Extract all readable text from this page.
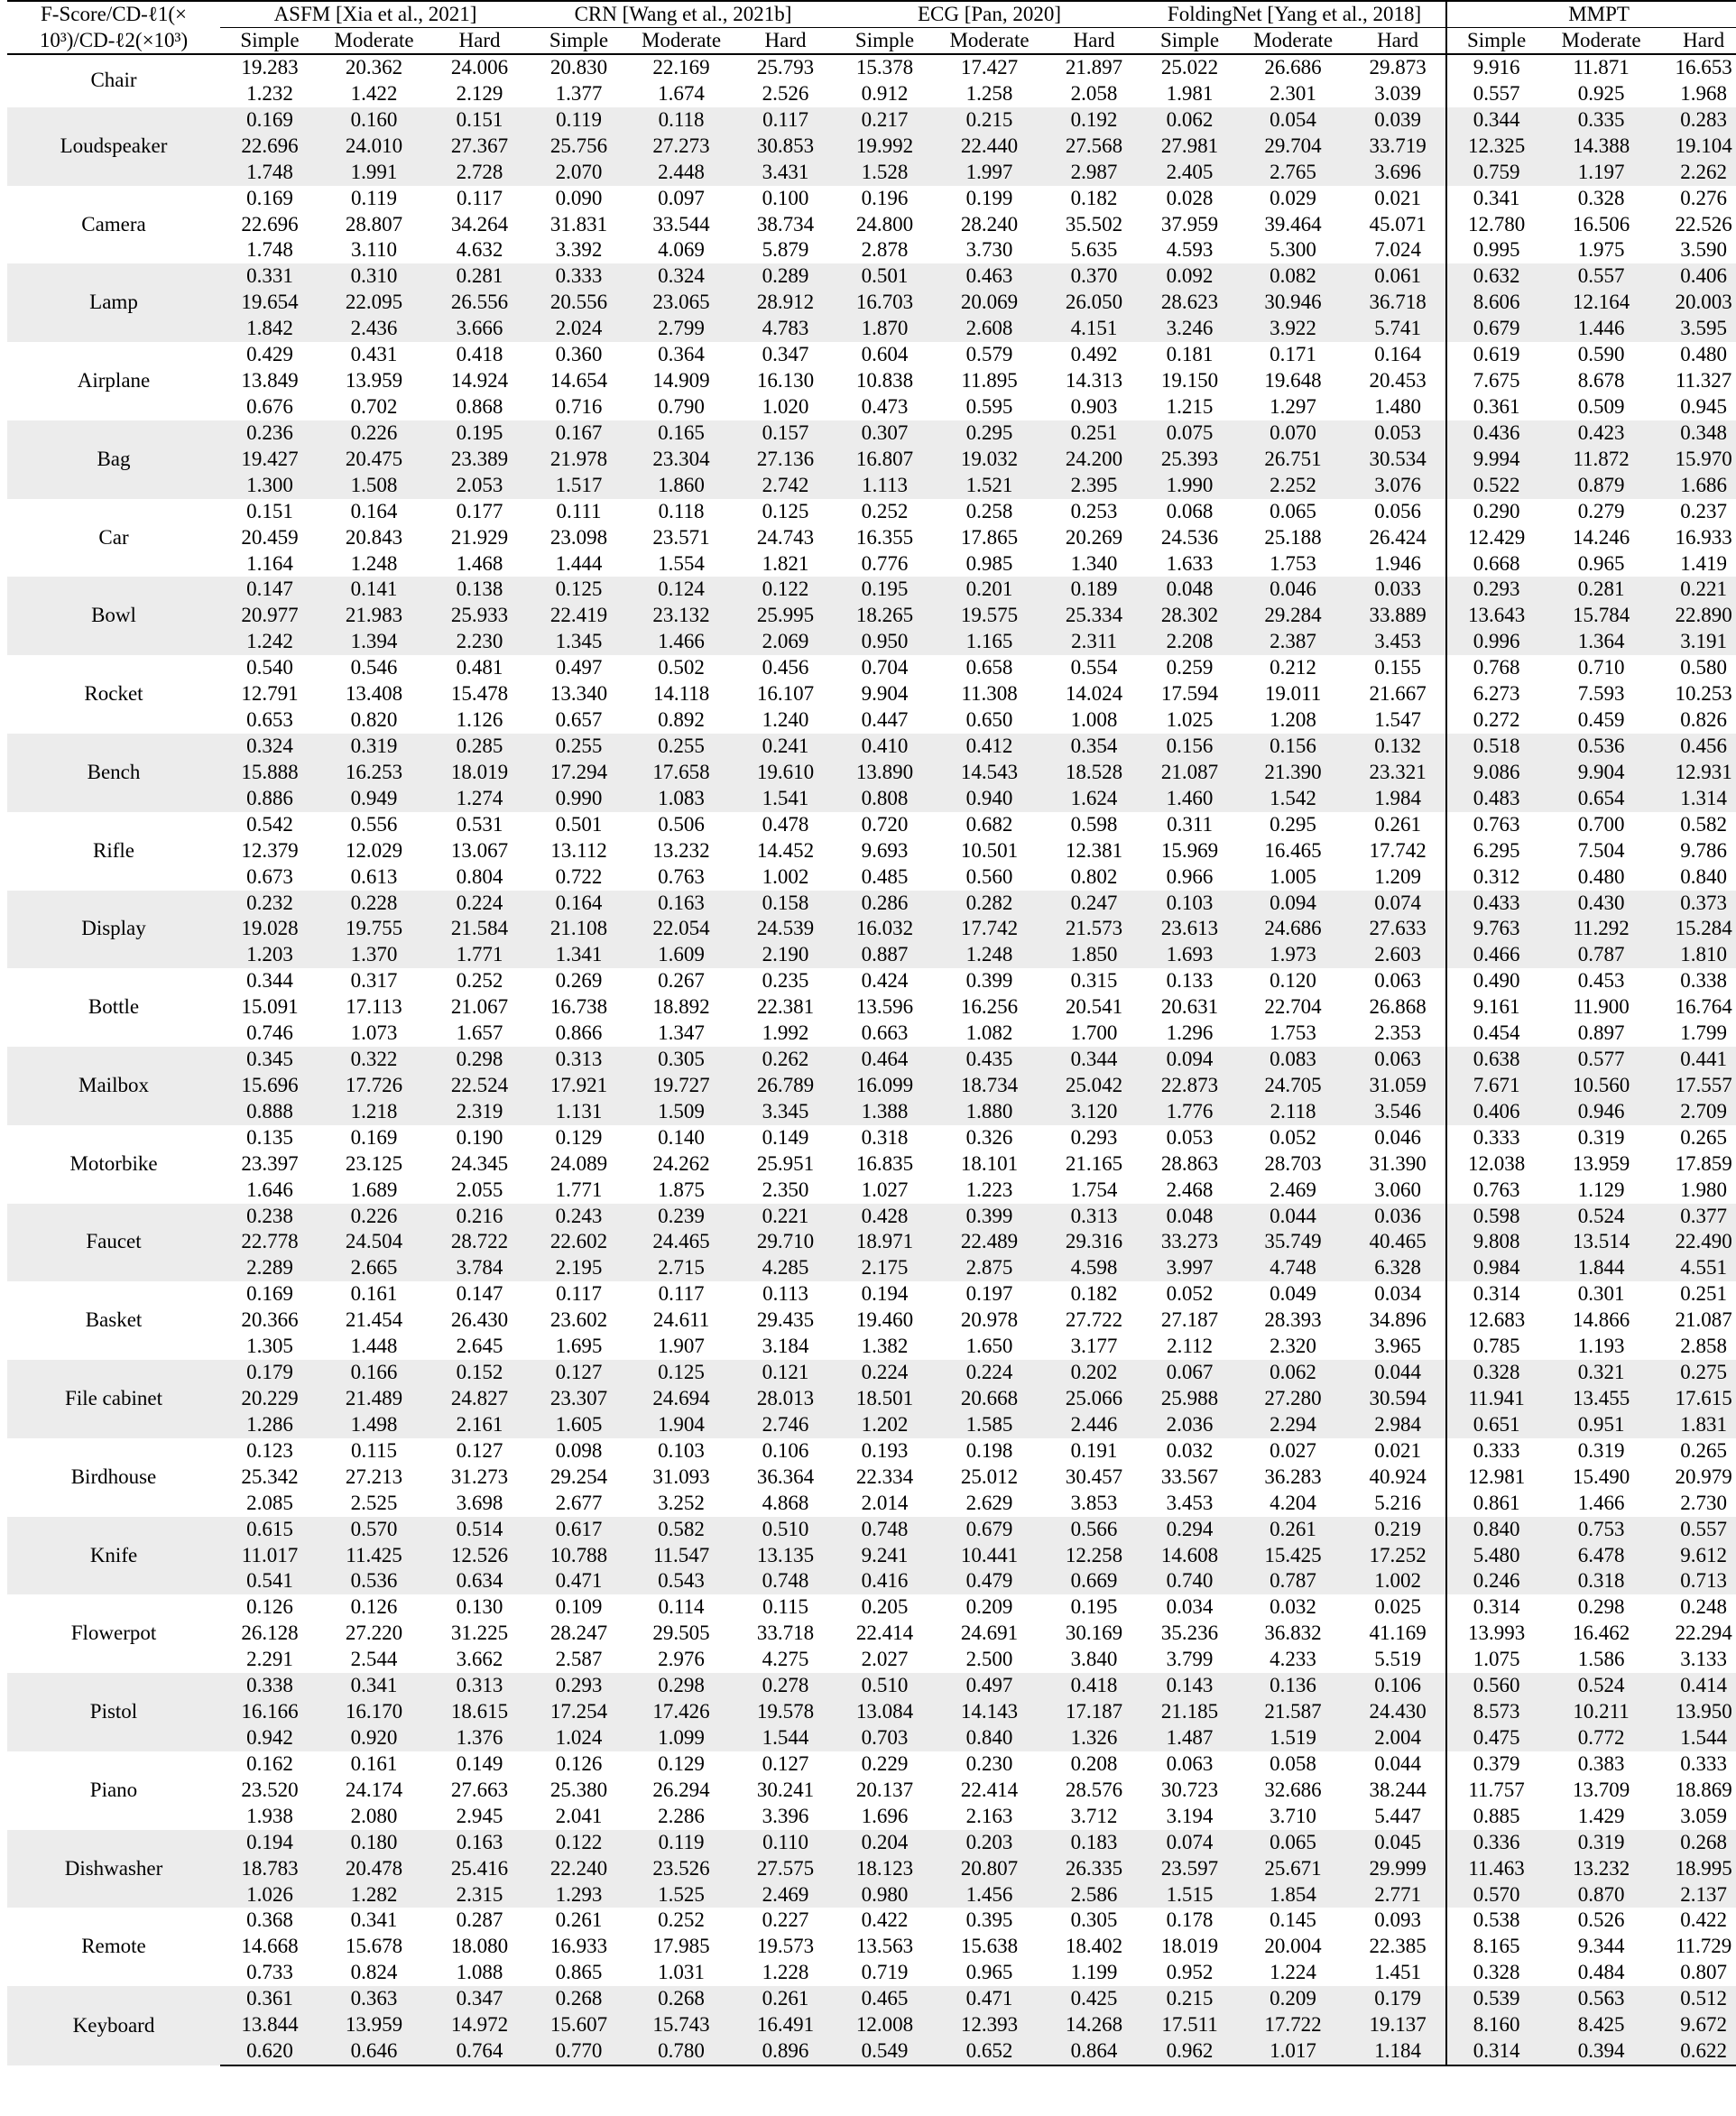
F-Score/CD-ℓ1(×	ASFM [Xia et al., 2021]			CRN [Wang et al., 2021b]			ECG [Pan, 2020]			FoldingNet [Yang et al., 2018]			MMPT		
10³)/CD-ℓ2(×10³)	Simple	Moderate	Hard	Simple	Moderate	Hard	Simple	Moderate	Hard	Simple	Moderate	Hard	Simple	Moderate	Hard
Chair	19.283	20.362	24.006	20.830	22.169	25.793	15.378	17.427	21.897	25.022	26.686	29.873	9.916	11.871	16.653
	1.232	1.422	2.129	1.377	1.674	2.526	0.912	1.258	2.058	1.981	2.301	3.039	0.557	0.925	1.968
Loudspeaker	0.169	0.160	0.151	0.119	0.118	0.117	0.217	0.215	0.192	0.062	0.054	0.039	0.344	0.335	0.283
	22.696	24.010	27.367	25.756	27.273	30.853	19.992	22.440	27.568	27.981	29.704	33.719	12.325	14.388	19.104
	1.748	1.991	2.728	2.070	2.448	3.431	1.528	1.997	2.987	2.405	2.765	3.696	0.759	1.197	2.262
Camera	0.169	0.119	0.117	0.090	0.097	0.100	0.196	0.199	0.182	0.028	0.029	0.021	0.341	0.328	0.276
	22.696	28.807	34.264	31.831	33.544	38.734	24.800	28.240	35.502	37.959	39.464	45.071	12.780	16.506	22.526
	1.748	3.110	4.632	3.392	4.069	5.879	2.878	3.730	5.635	4.593	5.300	7.024	0.995	1.975	3.590
Lamp	0.331	0.310	0.281	0.333	0.324	0.289	0.501	0.463	0.370	0.092	0.082	0.061	0.632	0.557	0.406
	19.654	22.095	26.556	20.556	23.065	28.912	16.703	20.069	26.050	28.623	30.946	36.718	8.606	12.164	20.003
	1.842	2.436	3.666	2.024	2.799	4.783	1.870	2.608	4.151	3.246	3.922	5.741	0.679	1.446	3.595
Airplane	0.429	0.431	0.418	0.360	0.364	0.347	0.604	0.579	0.492	0.181	0.171	0.164	0.619	0.590	0.480
	13.849	13.959	14.924	14.654	14.909	16.130	10.838	11.895	14.313	19.150	19.648	20.453	7.675	8.678	11.327
	0.676	0.702	0.868	0.716	0.790	1.020	0.473	0.595	0.903	1.215	1.297	1.480	0.361	0.509	0.945
Bag	0.236	0.226	0.195	0.167	0.165	0.157	0.307	0.295	0.251	0.075	0.070	0.053	0.436	0.423	0.348
	19.427	20.475	23.389	21.978	23.304	27.136	16.807	19.032	24.200	25.393	26.751	30.534	9.994	11.872	15.970
	1.300	1.508	2.053	1.517	1.860	2.742	1.113	1.521	2.395	1.990	2.252	3.076	0.522	0.879	1.686
Car	0.151	0.164	0.177	0.111	0.118	0.125	0.252	0.258	0.253	0.068	0.065	0.056	0.290	0.279	0.237
	20.459	20.843	21.929	23.098	23.571	24.743	16.355	17.865	20.269	24.536	25.188	26.424	12.429	14.246	16.933
	1.164	1.248	1.468	1.444	1.554	1.821	0.776	0.985	1.340	1.633	1.753	1.946	0.668	0.965	1.419
Bowl	0.147	0.141	0.138	0.125	0.124	0.122	0.195	0.201	0.189	0.048	0.046	0.033	0.293	0.281	0.221
	20.977	21.983	25.933	22.419	23.132	25.995	18.265	19.575	25.334	28.302	29.284	33.889	13.643	15.784	22.890
	1.242	1.394	2.230	1.345	1.466	2.069	0.950	1.165	2.311	2.208	2.387	3.453	0.996	1.364	3.191
Rocket	0.540	0.546	0.481	0.497	0.502	0.456	0.704	0.658	0.554	0.259	0.212	0.155	0.768	0.710	0.580
	12.791	13.408	15.478	13.340	14.118	16.107	9.904	11.308	14.024	17.594	19.011	21.667	6.273	7.593	10.253
	0.653	0.820	1.126	0.657	0.892	1.240	0.447	0.650	1.008	1.025	1.208	1.547	0.272	0.459	0.826
Bench	0.324	0.319	0.285	0.255	0.255	0.241	0.410	0.412	0.354	0.156	0.156	0.132	0.518	0.536	0.456
	15.888	16.253	18.019	17.294	17.658	19.610	13.890	14.543	18.528	21.087	21.390	23.321	9.086	9.904	12.931
	0.886	0.949	1.274	0.990	1.083	1.541	0.808	0.940	1.624	1.460	1.542	1.984	0.483	0.654	1.314
Rifle	0.542	0.556	0.531	0.501	0.506	0.478	0.720	0.682	0.598	0.311	0.295	0.261	0.763	0.700	0.582
	12.379	12.029	13.067	13.112	13.232	14.452	9.693	10.501	12.381	15.969	16.465	17.742	6.295	7.504	9.786
	0.673	0.613	0.804	0.722	0.763	1.002	0.485	0.560	0.802	0.966	1.005	1.209	0.312	0.480	0.840
Display	0.232	0.228	0.224	0.164	0.163	0.158	0.286	0.282	0.247	0.103	0.094	0.074	0.433	0.430	0.373
	19.028	19.755	21.584	21.108	22.054	24.539	16.032	17.742	21.573	23.613	24.686	27.633	9.763	11.292	15.284
	1.203	1.370	1.771	1.341	1.609	2.190	0.887	1.248	1.850	1.693	1.973	2.603	0.466	0.787	1.810
Bottle	0.344	0.317	0.252	0.269	0.267	0.235	0.424	0.399	0.315	0.133	0.120	0.063	0.490	0.453	0.338
	15.091	17.113	21.067	16.738	18.892	22.381	13.596	16.256	20.541	20.631	22.704	26.868	9.161	11.900	16.764
	0.746	1.073	1.657	0.866	1.347	1.992	0.663	1.082	1.700	1.296	1.753	2.353	0.454	0.897	1.799
Mailbox	0.345	0.322	0.298	0.313	0.305	0.262	0.464	0.435	0.344	0.094	0.083	0.063	0.638	0.577	0.441
	15.696	17.726	22.524	17.921	19.727	26.789	16.099	18.734	25.042	22.873	24.705	31.059	7.671	10.560	17.557
	0.888	1.218	2.319	1.131	1.509	3.345	1.388	1.880	3.120	1.776	2.118	3.546	0.406	0.946	2.709
Motorbike	0.135	0.169	0.190	0.129	0.140	0.149	0.318	0.326	0.293	0.053	0.052	0.046	0.333	0.319	0.265
	23.397	23.125	24.345	24.089	24.262	25.951	16.835	18.101	21.165	28.863	28.703	31.390	12.038	13.959	17.859
	1.646	1.689	2.055	1.771	1.875	2.350	1.027	1.223	1.754	2.468	2.469	3.060	0.763	1.129	1.980
Faucet	0.238	0.226	0.216	0.243	0.239	0.221	0.428	0.399	0.313	0.048	0.044	0.036	0.598	0.524	0.377
	22.778	24.504	28.722	22.602	24.465	29.710	18.971	22.489	29.316	33.273	35.749	40.465	9.808	13.514	22.490
	2.289	2.665	3.784	2.195	2.715	4.285	2.175	2.875	4.598	3.997	4.748	6.328	0.984	1.844	4.551
Basket	0.169	0.161	0.147	0.117	0.117	0.113	0.194	0.197	0.182	0.052	0.049	0.034	0.314	0.301	0.251
	20.366	21.454	26.430	23.602	24.611	29.435	19.460	20.978	27.722	27.187	28.393	34.896	12.683	14.866	21.087
	1.305	1.448	2.645	1.695	1.907	3.184	1.382	1.650	3.177	2.112	2.320	3.965	0.785	1.193	2.858
File cabinet	0.179	0.166	0.152	0.127	0.125	0.121	0.224	0.224	0.202	0.067	0.062	0.044	0.328	0.321	0.275
	20.229	21.489	24.827	23.307	24.694	28.013	18.501	20.668	25.066	25.988	27.280	30.594	11.941	13.455	17.615
	1.286	1.498	2.161	1.605	1.904	2.746	1.202	1.585	2.446	2.036	2.294	2.984	0.651	0.951	1.831
Birdhouse	0.123	0.115	0.127	0.098	0.103	0.106	0.193	0.198	0.191	0.032	0.027	0.021	0.333	0.319	0.265
	25.342	27.213	31.273	29.254	31.093	36.364	22.334	25.012	30.457	33.567	36.283	40.924	12.981	15.490	20.979
	2.085	2.525	3.698	2.677	3.252	4.868	2.014	2.629	3.853	3.453	4.204	5.216	0.861	1.466	2.730
Knife	0.615	0.570	0.514	0.617	0.582	0.510	0.748	0.679	0.566	0.294	0.261	0.219	0.840	0.753	0.557
	11.017	11.425	12.526	10.788	11.547	13.135	9.241	10.441	12.258	14.608	15.425	17.252	5.480	6.478	9.612
	0.541	0.536	0.634	0.471	0.543	0.748	0.416	0.479	0.669	0.740	0.787	1.002	0.246	0.318	0.713
Flowerpot	0.126	0.126	0.130	0.109	0.114	0.115	0.205	0.209	0.195	0.034	0.032	0.025	0.314	0.298	0.248
	26.128	27.220	31.225	28.247	29.505	33.718	22.414	24.691	30.169	35.236	36.832	41.169	13.993	16.462	22.294
	2.291	2.544	3.662	2.587	2.976	4.275	2.027	2.500	3.840	3.799	4.233	5.519	1.075	1.586	3.133
Pistol	0.338	0.341	0.313	0.293	0.298	0.278	0.510	0.497	0.418	0.143	0.136	0.106	0.560	0.524	0.414
	16.166	16.170	18.615	17.254	17.426	19.578	13.084	14.143	17.187	21.185	21.587	24.430	8.573	10.211	13.950
	0.942	0.920	1.376	1.024	1.099	1.544	0.703	0.840	1.326	1.487	1.519	2.004	0.475	0.772	1.544
Piano	0.162	0.161	0.149	0.126	0.129	0.127	0.229	0.230	0.208	0.063	0.058	0.044	0.379	0.383	0.333
	23.520	24.174	27.663	25.380	26.294	30.241	20.137	22.414	28.576	30.723	32.686	38.244	11.757	13.709	18.869
	1.938	2.080	2.945	2.041	2.286	3.396	1.696	2.163	3.712	3.194	3.710	5.447	0.885	1.429	3.059
Dishwasher	0.194	0.180	0.163	0.122	0.119	0.110	0.204	0.203	0.183	0.074	0.065	0.045	0.336	0.319	0.268
	18.783	20.478	25.416	22.240	23.526	27.575	18.123	20.807	26.335	23.597	25.671	29.999	11.463	13.232	18.995
	1.026	1.282	2.315	1.293	1.525	2.469	0.980	1.456	2.586	1.515	1.854	2.771	0.570	0.870	2.137
Remote	0.368	0.341	0.287	0.261	0.252	0.227	0.422	0.395	0.305	0.178	0.145	0.093	0.538	0.526	0.422
	14.668	15.678	18.080	16.933	17.985	19.573	13.563	15.638	18.402	18.019	20.004	22.385	8.165	9.344	11.729
	0.733	0.824	1.088	0.865	1.031	1.228	0.719	0.965	1.199	0.952	1.224	1.451	0.328	0.484	0.807
Keyboard	0.361	0.363	0.347	0.268	0.268	0.261	0.465	0.471	0.425	0.215	0.209	0.179	0.539	0.563	0.512
	13.844	13.959	14.972	15.607	15.743	16.491	12.008	12.393	14.268	17.511	17.722	19.137	8.160	8.425	9.672
	0.620	0.646	0.764	0.770	0.780	0.896	0.549	0.652	0.864	0.962	1.017	1.184	0.314	0.394	0.622
